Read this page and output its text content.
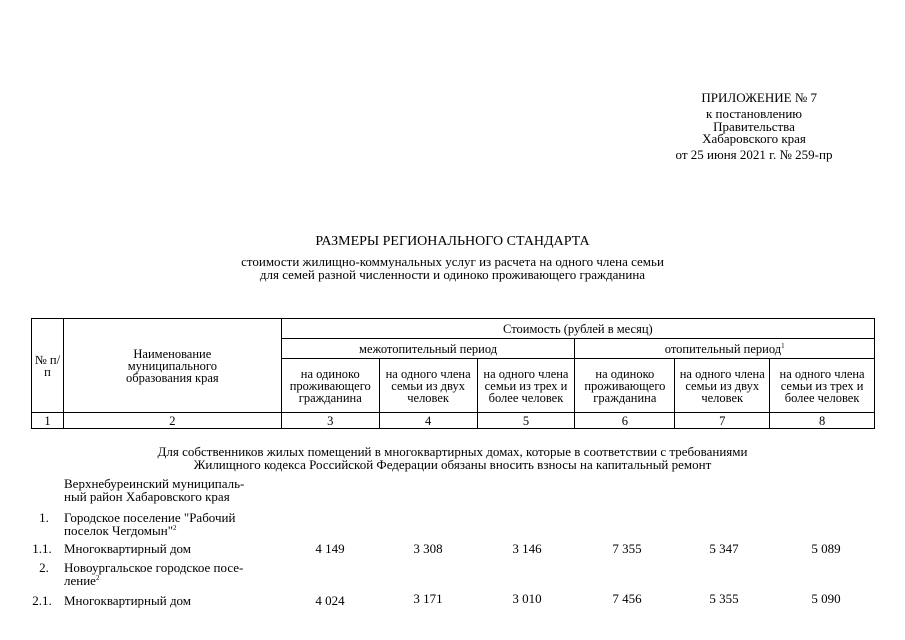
ПРИЛОЖЕНИЕ № 7
к постановлению
Правительства
Хабаровского края
от 25 июня 2021 г. № 259-пр
РАЗМЕРЫ РЕГИОНАЛЬНОГО СТАНДАРТА
стоимости жилищно-коммунальных услуг из расчета на одного члена семьи
для семей разной численности и одиноко проживающего гражданина
№ п/п	Наименование муниципального образования края	Стоимость (рублей в месяц)					
		межотопительный период			отопительный период$^1$
		на одиноко проживающего гражданина	на одного члена семьи из двух человек	на одного члена семьи из трех и более человек	на одиноко проживающего гражданина	на одного члена семьи из двух человек	на одного члена семьи из трех и более человек
1	2	3	4	5	6	7	8
Для собственников жилых помещений в многоквартирных домах, которые в соответствии с требованиями
Жилищного кодекса Российской Федерации обязаны вносить взносы на капитальный ремонт
Верхнебуреинский муниципаль-
ный район Хабаровского края
1.	Городское поселение "Рабочий
поселок Чегдомын"$^2$
1.1. Многоквартирный дом	4 149	3 308	3 146	7 355	5 347	5 089
2.	Новоургальское городское посе-
ление$^2$
2.1. Многоквартирный дом	4 024	3 171	3 010	7 456	5 355	5 090
